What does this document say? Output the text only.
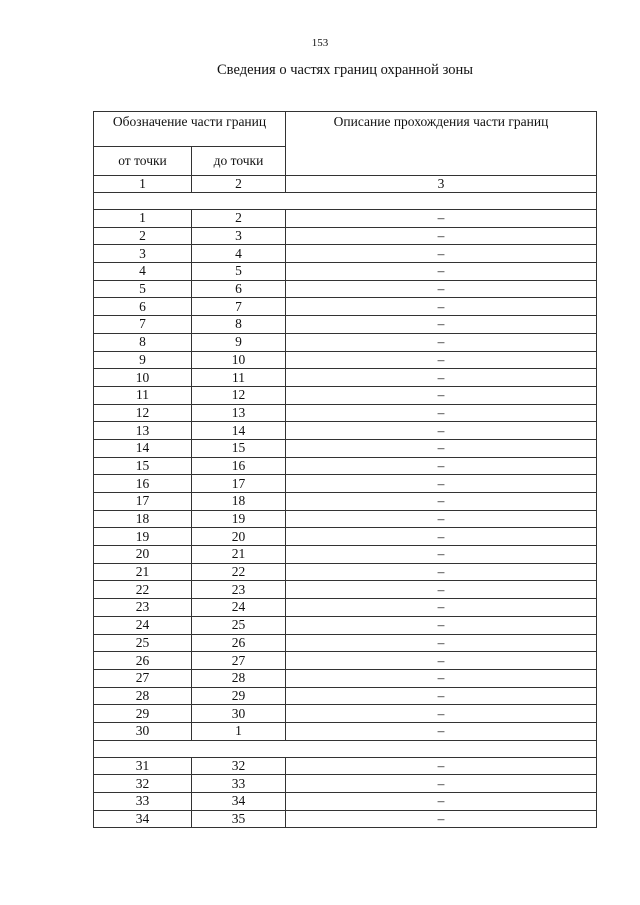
153
Сведения о частях границ охранной зоны
Обозначение части границ		Описание прохождения части границ
от точки	до точки	
1	2	3

1	2	–
2	3	–
3	4	–
4	5	–
5	6	–
6	7	–
7	8	–
8	9	–
9	10	–
10	11	–
11	12	–
12	13	–
13	14	–
14	15	–
15	16	–
16	17	–
17	18	–
18	19	–
19	20	–
20	21	–
21	22	–
22	23	–
23	24	–
24	25	–
25	26	–
26	27	–
27	28	–
28	29	–
29	30	–
30	1	–

31	32	–
32	33	–
33	34	–
34	35	–
